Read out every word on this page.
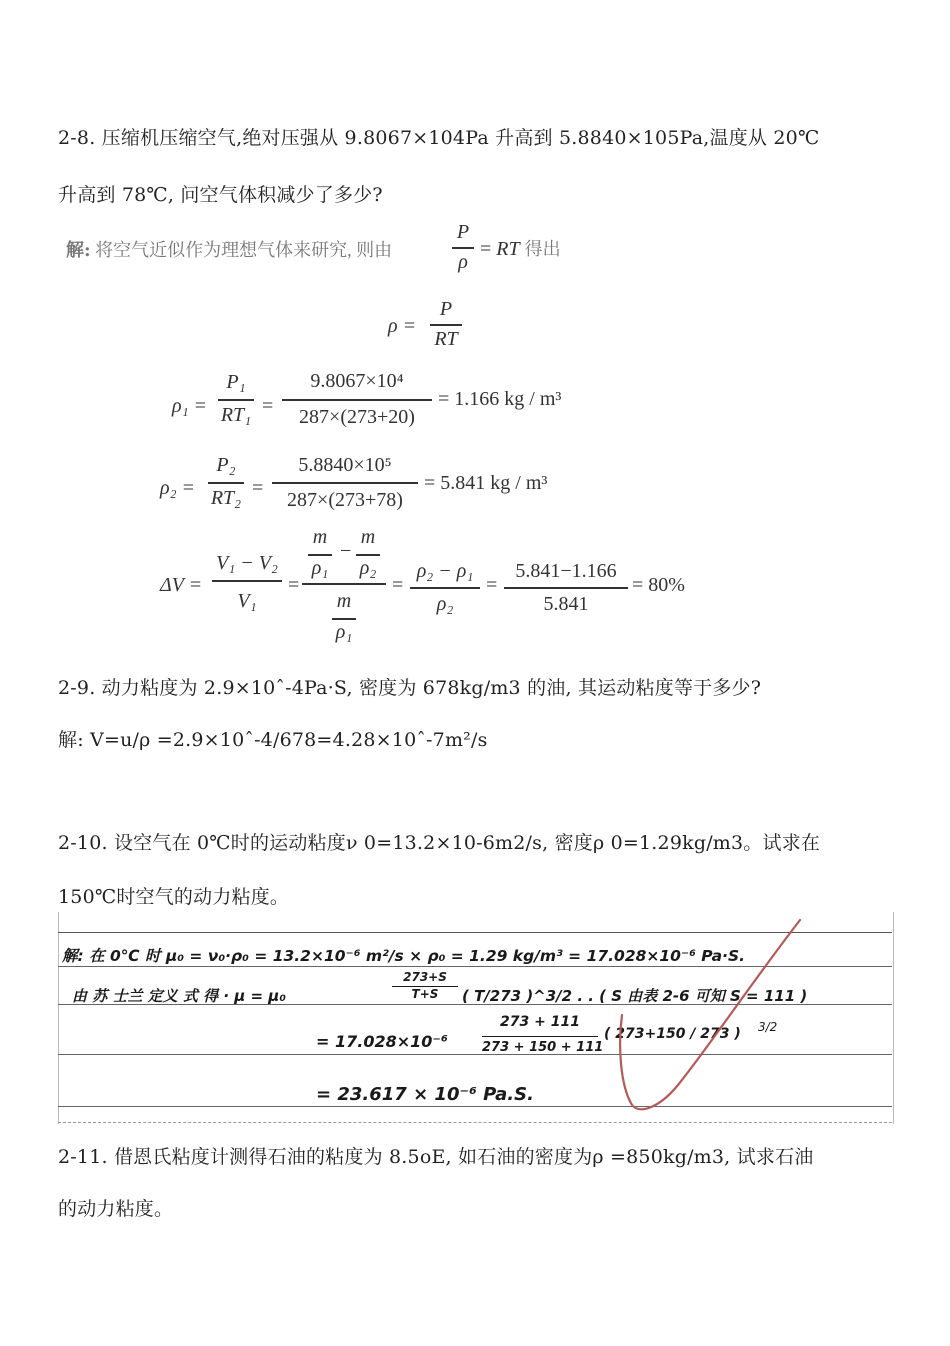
2-8. 压缩机压缩空气,绝对压强从 9.8067×104Pa 升高到 5.8840×105Pa,温度从 20℃
升高到 78℃, 问空气体积减少了多少?
解: 将空气近似作为理想气体来研究, 则由
P
ρ
= RT 得出
ρ =
P
RT
ρ₁ =
P₁
RT₁ =
9.8067×10⁴
287×(273+20)
= 1.166 kg / m³
ρ₂ =
P₂
RT₂ =
5.8840×10⁵
287×(273+78)
= 5.841 kg / m³
ΔV =
V₁ − V₂
V₁
=
m
ρ₁
−
m
ρ₂
m
ρ₁
=
ρ₂ − ρ₁
ρ₂
=
5.841−1.166
5.841
= 80%
2-9. 动力粘度为 2.9×10ˆ-4Pa·S, 密度为 678kg/m3 的油, 其运动粘度等于多少?
解: V=u/ρ =2.9×10ˆ-4/678=4.28×10ˆ-7m²/s
2-10. 设空气在 0℃时的运动粘度ν 0=13.2×10-6m2/s, 密度ρ 0=1.29kg/m3。试求在
150℃时空气的动力粘度。
解: 在 0℃ 时 μ₀ = ν₀·ρ₀ = 13.2×10⁻⁶ m²/s × ρ₀ = 1.29 kg/m³ = 17.028×10⁻⁶ Pa·S.
由 苏 士兰 定义 式 得 · μ = μ₀
273+S
T+S	( T/273 )^3/2 . . ( S 由表 2-6 可知 S = 111 )
= 17.028×10⁻⁶
273 + 111
273 + 150 + 111
( 273+150 / 273 ) 3/2
= 23.617 × 10⁻⁶ Pa.S.
2-11. 借恩氏粘度计测得石油的粘度为 8.5oE, 如石油的密度为ρ =850kg/m3, 试求石油
的动力粘度。
